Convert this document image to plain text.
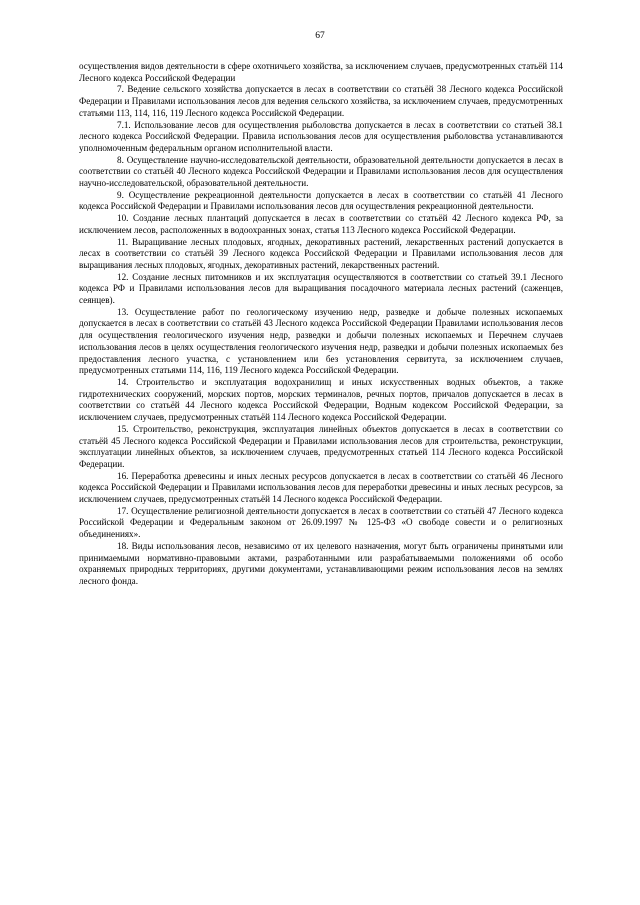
67

осуществления видов деятельности в сфере охотничьего хозяйства, за исключением случаев, предусмотренных статьёй 114 Лесного кодекса Российской Федерации

7. Ведение сельского хозяйства допускается в лесах в соответствии со статьёй 38 Лесного кодекса Российской Федерации и Правилами использования лесов для ведения сельского хозяйства, за исключением случаев, предусмотренных статьями 113, 114, 116, 119 Лесного кодекса Российской Федерации.

7.1. Использование лесов для осуществления рыболовства допускается в лесах в соответствии со статьей 38.1 лесного кодекса Российской Федерации. Правила использования лесов для осуществления рыболовства устанавливаются уполномоченным федеральным органом исполнительной власти.

8. Осуществление научно-исследовательской деятельности, образовательной деятельности допускается в лесах в соответствии со статьёй 40 Лесного кодекса Российской Федерации и Правилами использования лесов для осуществления научно-исследовательской, образовательной деятельности.

9. Осуществление рекреационной деятельности допускается в лесах в соответствии со статьёй 41 Лесного кодекса Российской Федерации и Правилами использования лесов для осуществления рекреационной деятельности.

10. Создание лесных плантаций допускается в лесах в соответствии со статьёй 42 Лесного кодекса РФ, за исключением лесов, расположенных в водоохранных зонах, статья 113 Лесного кодекса Российской Федерации.

11. Выращивание лесных плодовых, ягодных, декоративных растений, лекарственных растений допускается в лесах в соответствии со статьёй 39 Лесного кодекса Российской Федерации и Правилами использования лесов для выращивания лесных плодовых, ягодных, декоративных растений, лекарственных растений.

12. Создание лесных питомников и их эксплуатация осуществляются в соответствии со статьей 39.1 Лесного кодекса РФ и Правилами использования лесов для выращивания посадочного материала лесных растений (саженцев, сеянцев).

13. Осуществление работ по геологическому изучению недр, разведке и добыче полезных ископаемых допускается в лесах в соответствии со статьёй 43 Лесного кодекса Российской Федерации Правилами использования лесов для осуществления геологического изучения недр, разведки и добычи полезных ископаемых и Перечнем случаев использования лесов в целях осуществления геологического изучения недр, разведки и добычи полезных ископаемых без предоставления лесного участка, с установлением или без установления сервитута, за исключением случаев, предусмотренных статьями 114, 116, 119 Лесного кодекса Российской Федерации.

14. Строительство и эксплуатация водохранилищ и иных искусственных водных объектов, а также гидротехнических сооружений, морских портов, морских терминалов, речных портов, причалов допускается в лесах в соответствии со статьёй 44 Лесного кодекса Российской Федерации, Водным кодексом Российской Федерации, за исключением случаев, предусмотренных статьёй 114 Лесного кодекса Российской Федерации.

15. Строительство, реконструкция, эксплуатация линейных объектов допускается в лесах в соответствии со статьёй 45 Лесного кодекса Российской Федерации и Правилами использования лесов для строительства, реконструкции, эксплуатации линейных объектов, за исключением случаев, предусмотренных статьей 114 Лесного кодекса Российской Федерации.

16. Переработка древесины и иных лесных ресурсов допускается в лесах в соответствии со статьёй 46 Лесного кодекса Российской Федерации и Правилами использования лесов для переработки древесины и иных лесных ресурсов, за исключением случаев, предусмотренных статьёй 14 Лесного кодекса Российской Федерации.

17. Осуществление религиозной деятельности допускается в лесах в соответствии со статьёй 47 Лесного кодекса Российской Федерации и Федеральным законом от 26.09.1997 № 125-ФЗ «О свободе совести и о религиозных объединениях».

18. Виды использования лесов, независимо от их целевого назначения, могут быть ограничены принятыми или принимаемыми нормативно-правовыми актами, разработанными или разрабатываемыми положениями об особо охраняемых природных территориях, другими документами, устанавливающими режим использования лесов на землях лесного фонда.
